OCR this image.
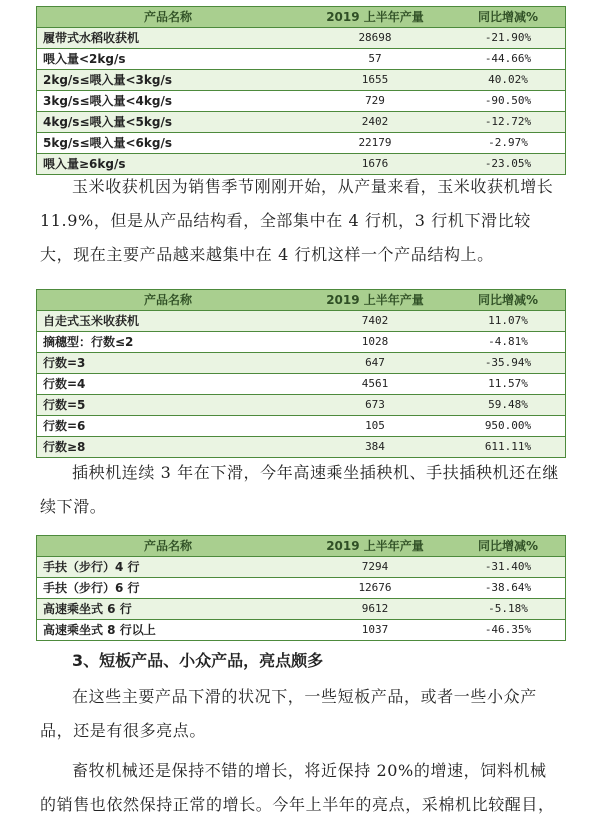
产品名称	2019 上半年产量	同比增减%
履带式水稻收获机	28698	-21.90%
喂入量<2kg/s	57	-44.66%
2kg/s≤喂入量<3kg/s	1655	40.02%
3kg/s≤喂入量<4kg/s	729	-90.50%
4kg/s≤喂入量<5kg/s	2402	-12.72%
5kg/s≤喂入量<6kg/s	22179	-2.97%
喂入量≥6kg/s	1676	-23.05%

玉米收获机因为销售季节刚刚开始，从产量来看，玉米收获机增长 11.9%，但是从产品结构看，全部集中在 4 行机，3 行机下滑比较大，现在主要产品越来越集中在 4 行机这样一个产品结构上。

产品名称	2019 上半年产量	同比增减%
自走式玉米收获机	7402	11.07%
摘穗型：行数≤2	1028	-4.81%
行数=3	647	-35.94%
行数=4	4561	11.57%
行数=5	673	59.48%
行数=6	105	950.00%
行数≥8	384	611.11%

插秧机连续 3 年在下滑，今年高速乘坐插秧机、手扶插秧机还在继续下滑。

产品名称	2019 上半年产量	同比增减%
手扶（步行）4 行	7294	-31.40%
手扶（步行）6 行	12676	-38.64%
高速乘坐式 6 行	9612	-5.18%
高速乘坐式 8 行以上	1037	-46.35%

3、短板产品、小众产品，亮点颇多

在这些主要产品下滑的状况下，一些短板产品，或者一些小众产品，还是有很多亮点。

畜牧机械还是保持不错的增长，将近保持 20%的增速，饲料机械的销售也依然保持正常的增长。今年上半年的亮点，采棉机比较醒目，
